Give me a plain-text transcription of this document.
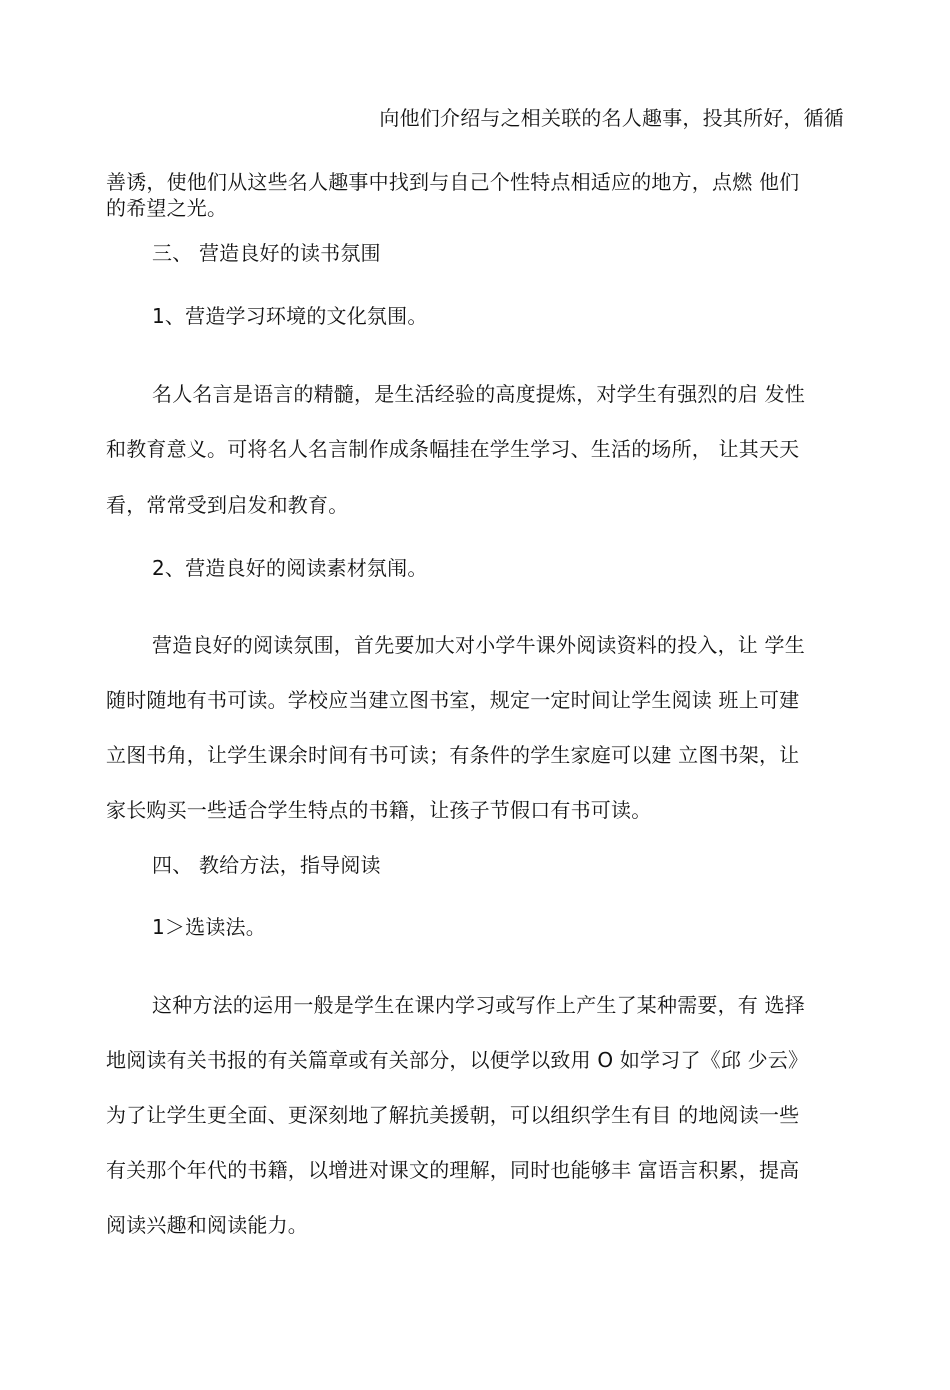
向他们介绍与之相关联的名人趣事，投其所好，循循
善诱，使他们从这些名人趣事中找到与自己个性特点相适应的地方，点燃 他们
的希望之光。
三、 营造良好的读书氛围
1、营造学习环境的文化氛围。
名人名言是语言的精髓，是生活经验的高度提炼，对学生有强烈的启 发性
和教育意义。可将名人名言制作成条幅挂在学生学习、生活的场所， 让其天天
看，常常受到启发和教育。
2、营造良好的阅读素材氛闱。
营造良好的阅读氛围，首先要加大对小学牛课外阅读资料的投入，让 学生
随时随地有书可读。学校应当建立图书室，规定一定时间让学生阅读 班上可建
立图书角，让学生课余时间有书可读；有条件的学生家庭可以建 立图书架，让
家长购买一些适合学生特点的书籍，让孩子节假口有书可读。
四、 教给方法，指导阅读
1＞选读法。
这种方法的运用一般是学生在课内学习或写作上产生了某种需要，有 选择
地阅读有关书报的有关篇章或有关部分，以便学以致用 O 如学习了《邱 少云》
为了让学生更全面、更深刻地了解抗美援朝，可以组织学生有目 的地阅读一些
有关那个年代的书籍，以增进对课文的理解，同时也能够丰 富语言积累，提高
阅读兴趣和阅读能力。
